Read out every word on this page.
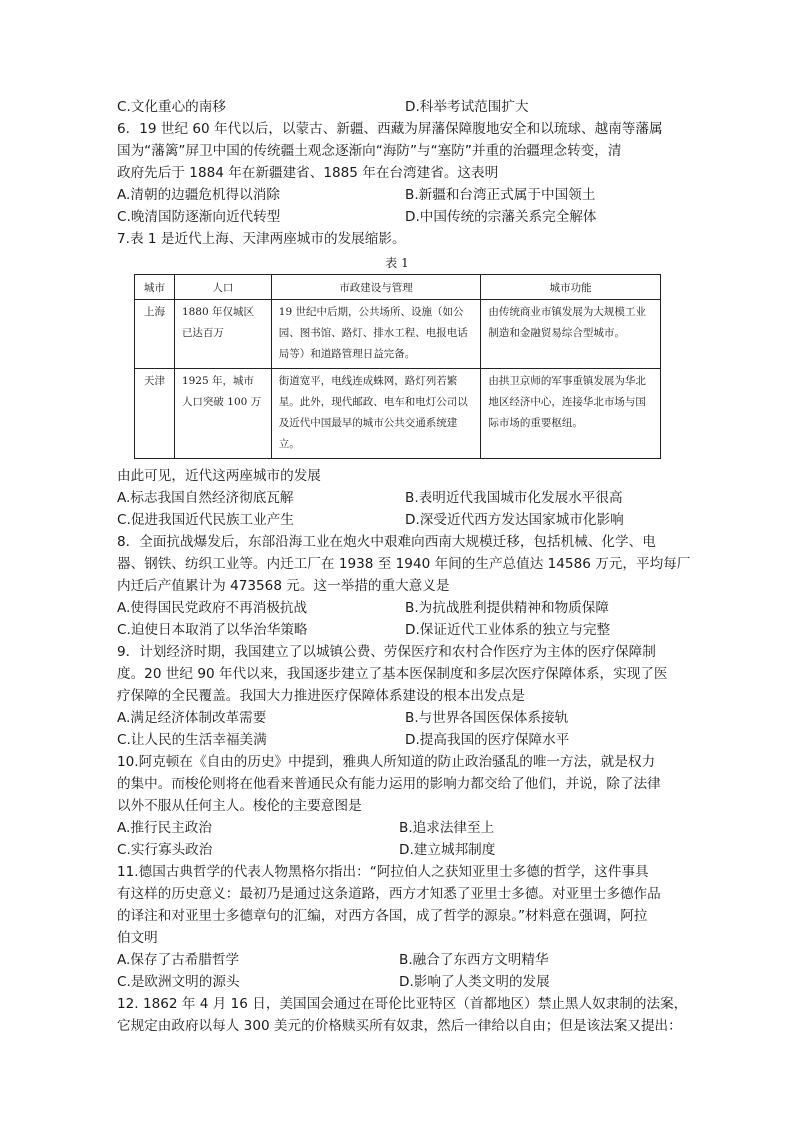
C.文化重心的南移	D.科举考试范围扩大
6．19 世纪 60 年代以后，以蒙古、新疆、西藏为屏藩保障腹地安全和以琉球、越南等藩属
国为“藩篱”屏卫中国的传统疆土观念逐渐向“海防”与“塞防”并重的治疆理念转变，清
政府先后于 1884 年在新疆建省、1885 年在台湾建省。这表明
A.清朝的边疆危机得以消除	B.新疆和台湾正式属于中国领土
C.晚清国防逐渐向近代转型	D.中国传统的宗藩关系完全解体
7.表 1 是近代上海、天津两座城市的发展缩影。
表 1
城市	人口	市政建设与管理	城市功能
上海	1880 年仅城区已达百万	19 世纪中后期，公共场所、设施（如公园、图书馆、路灯、排水工程、电报电话局等）和道路管理日益完备。	由传统商业市镇发展为大规模工业制造和金融贸易综合型城市。
天津	1925 年，城市人口突破 100 万	街道宽平，电线连成蛛网，路灯列若繁星。此外，现代邮政、电车和电灯公司以及近代中国最早的城市公共交通系统建立。	由拱卫京师的军事重镇发展为华北地区经济中心，连接华北市场与国际市场的重要枢纽。
由此可见，近代这两座城市的发展
A.标志我国自然经济彻底瓦解	B.表明近代我国城市化发展水平很高
C.促进我国近代民族工业产生	D.深受近代西方发达国家城市化影响
8．全面抗战爆发后，东部沿海工业在炮火中艰难向西南大规模迁移，包括机械、化学、电
器、钢铁、纺织工业等。内迁工厂在 1938 至 1940 年间的生产总值达 14586 万元，平均每厂
内迁后产值累计为 473568 元。这一举措的重大意义是
A.使得国民党政府不再消极抗战	B.为抗战胜利提供精神和物质保障
C.迫使日本取消了以华治华策略	D.保证近代工业体系的独立与完整
9．计划经济时期，我国建立了以城镇公费、劳保医疗和农村合作医疗为主体的医疗保障制
度。20 世纪 90 年代以来，我国逐步建立了基本医保制度和多层次医疗保障体系，实现了医
疗保障的全民覆盖。我国大力推进医疗保障体系建设的根本出发点是
A.满足经济体制改革需要	B.与世界各国医保体系接轨
C.让人民的生活幸福美满	D.提高我国的医疗保障水平
10.阿克顿在《自由的历史》中提到，雅典人所知道的防止政治骚乱的唯一方法，就是权力
的集中。而梭伦则将在他看来普通民众有能力运用的影响力都交给了他们，并说，除了法律
以外不服从任何主人。梭伦的主要意图是
A.推行民主政治	B.追求法律至上
C.实行寡头政治	D.建立城邦制度
11.德国古典哲学的代表人物黑格尔指出：“阿拉伯人之获知亚里士多德的哲学，这件事具
有这样的历史意义：最初乃是通过这条道路，西方才知悉了亚里士多德。对亚里士多德作品
的译注和对亚里士多德章句的汇编，对西方各国，成了哲学的源泉。”材料意在强调，阿拉
伯文明
A.保存了古希腊哲学	B.融合了东西方文明精华
C.是欧洲文明的源头	D.影响了人类文明的发展
12. 1862 年 4 月 16 日，美国国会通过在哥伦比亚特区（首都地区）禁止黑人奴隶制的法案，
它规定由政府以每人 300 美元的价格赎买所有奴隶，然后一律给以自由；但是该法案又提出：
